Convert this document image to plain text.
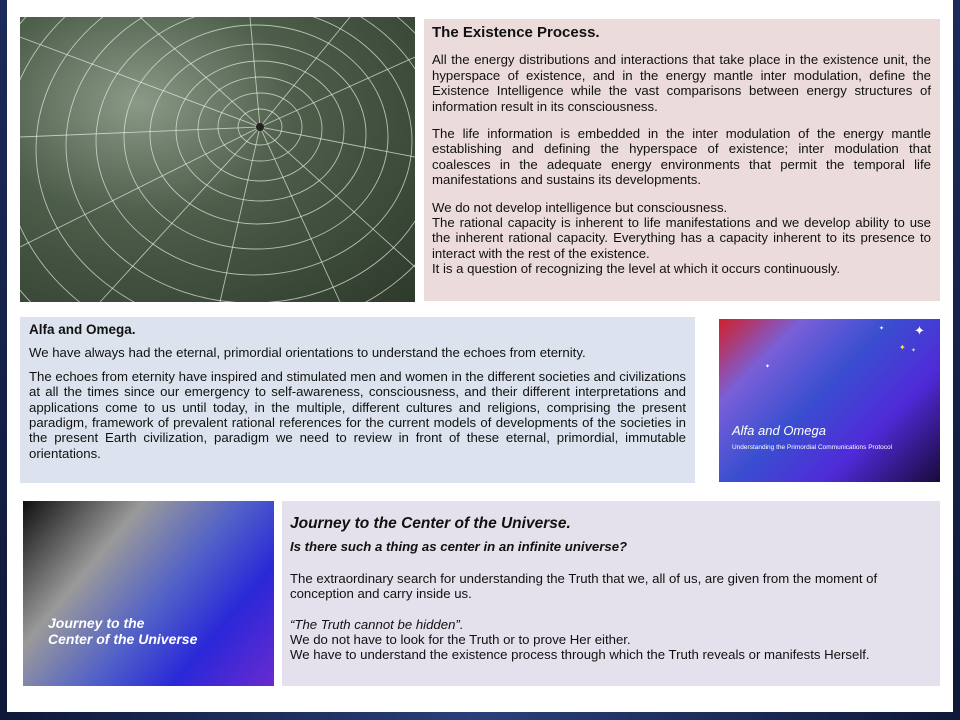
The Existence Process.

All the energy distributions and interactions that take place in the existence unit, the hyperspace of existence, and in the energy mantle inter modulation, define the Existence Intelligence while the vast comparisons between energy structures of information result in its consciousness.

The life information is embedded in the inter modulation of the energy mantle establishing and defining the hyperspace of existence; inter modulation that coalesces in the adequate energy environments that permit the temporal life manifestations and sustains its developments.

We do not develop intelligence but consciousness.

The rational capacity is inherent to life manifestations and we develop ability to use the inherent rational capacity. Everything has a capacity inherent to its presence to interact with the rest of the existence.

It is a question of recognizing the level at which it occurs continuously.

Alfa and Omega.

We have always had the eternal, primordial orientations to understand the echoes from eternity.

The echoes from eternity have inspired and stimulated men and women in the different societies and civilizations at all the times since our emergency to self-awareness, consciousness, and their different interpretations and applications come to us until today, in the multiple, different cultures and religions, comprising the present paradigm, framework of prevalent rational references for the current models of developments of the societies in the present Earth civilization, paradigm we need to review in front of these eternal, primordial, immutable orientations.

✦
✦
✦ ✦
✦
Alfa and Omega
Understanding the Primordial Communications Protocol
Journey to the
Center of the Universe
Journey to the Center of the Universe.
Is there such a thing as center in an infinite universe?

The extraordinary search for understanding the Truth that we, all of us, are given from the moment of conception and carry inside us.

“The Truth cannot be hidden”.
We do not have to look for the Truth or to prove Her either.
We have to understand the existence process through which the Truth reveals or manifests Herself.
